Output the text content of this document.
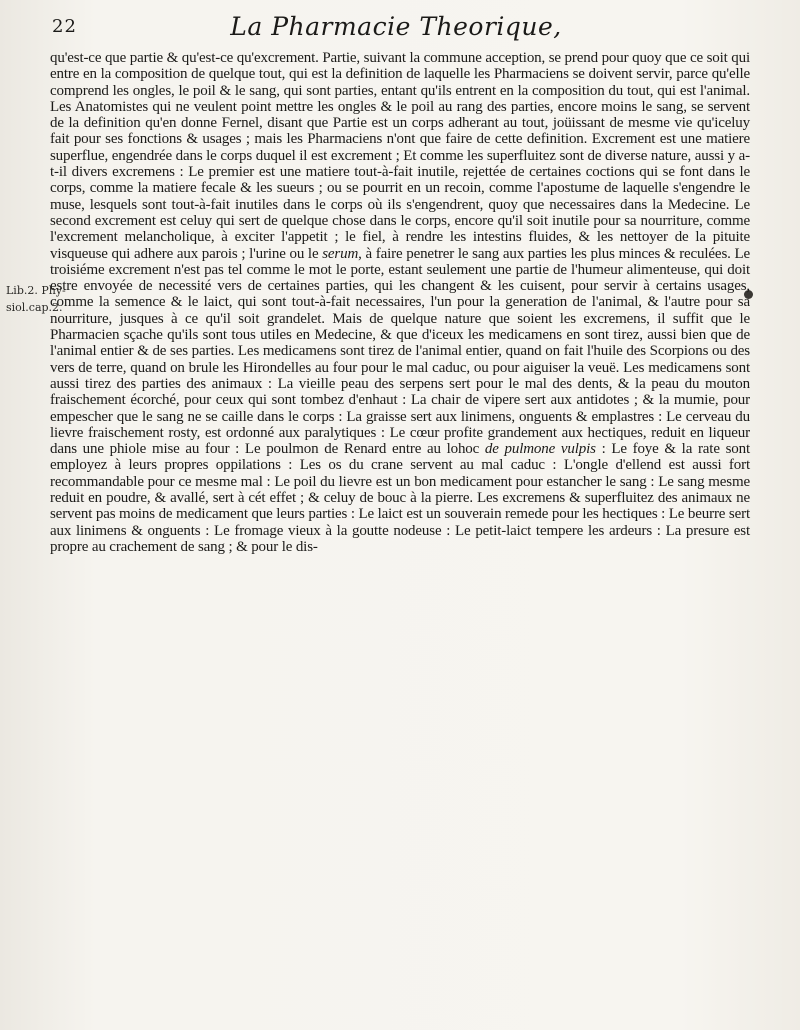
22	La Pharmacie Theorique,
Lib.2. Phy-
siol.cap.2.

qu'est-ce que partie & qu'est-ce qu'excrement. Partie, suivant la commune acception, se prend pour quoy que ce soit qui entre en la composition de quelque tout, qui est la definition de laquelle les Pharmaciens se doivent servir, parce qu'elle comprend les ongles, le poil & le sang, qui sont parties, entant qu'ils entrent en la composition du tout, qui est l'animal. Les Anatomistes qui ne veulent point mettre les ongles & le poil au rang des parties, encore moins le sang, se servent de la definition qu'en donne Fernel, disant que Partie est un corps adherant au tout, joüissant de mesme vie qu'iceluy fait pour ses fonctions & usages ; mais les Pharmaciens n'ont que faire de cette definition. Excrement est une matiere superflue, engendrée dans le corps duquel il est excrement ; Et comme les superfluitez sont de diverse nature, aussi y a-t-il divers excremens : Le premier est une matiere tout-à-fait inutile, rejettée de certaines coctions qui se font dans le corps, comme la matiere fecale & les sueurs ; ou se pourrit en un recoin, comme l'apostume de laquelle s'engendre le muse, lesquels sont tout-à-fait inutiles dans le corps où ils s'engendrent, quoy que necessaires dans la Medecine. Le second excrement est celuy qui sert de quelque chose dans le corps, encore qu'il soit inutile pour sa nourriture, comme l'excrement melancholique, à exciter l'appetit ; le fiel, à rendre les intestins fluides, & les nettoyer de la pituite visqueuse qui adhere aux parois ; l'urine ou le serum, à faire penetrer le sang aux parties les plus minces & reculées. Le troisiéme excrement n'est pas tel comme le mot le porte, estant seulement une partie de l'humeur alimenteuse, qui doit estre envoyée de necessité vers de certaines parties, qui les changent & les cuisent, pour servir à certains usages, comme la semence & le laict, qui sont tout-à-fait necessaires, l'un pour la generation de l'animal, & l'autre pour sa nourriture, jusques à ce qu'il soit grandelet. Mais de quelque nature que soient les excremens, il suffit que le Pharmacien sçache qu'ils sont tous utiles en Medecine, & que d'iceux les medicamens en sont tirez, aussi bien que de l'animal entier & de ses parties. Les medicamens sont tirez de l'animal entier, quand on fait l'huile des Scorpions ou des vers de terre, quand on brule les Hirondelles au four pour le mal caduc, ou pour aiguiser la veuë. Les medicamens sont aussi tirez des parties des animaux : La vieille peau des serpens sert pour le mal des dents, & la peau du mouton fraischement écorché, pour ceux qui sont tombez d'enhaut : La chair de vipere sert aux antidotes ; & la mumie, pour empescher que le sang ne se caille dans le corps : La graisse sert aux linimens, onguents & emplastres : Le cerveau du lievre fraischement rosty, est ordonné aux paralytiques : Le cœur profite grandement aux hectiques, reduit en liqueur dans une phiole mise au four : Le poulmon de Renard entre au lohoc de pulmone vulpis : Le foye & la rate sont employez à leurs propres oppilations : Les os du crane servent au mal caduc : L'ongle d'ellend est aussi fort recommandable pour ce mesme mal : Le poil du lievre est un bon medicament pour estancher le sang : Le sang mesme reduit en poudre, & avallé, sert à cét effet ; & celuy de bouc à la pierre. Les excremens & superfluitez des animaux ne servent pas moins de medicament que leurs parties : Le laict est un souverain remede pour les hectiques : Le beurre sert aux linimens & onguents : Le fromage vieux à la goutte nodeuse : Le petit-laict tempere les ardeurs : La presure est propre au crachement de sang ; & pour le dis-
